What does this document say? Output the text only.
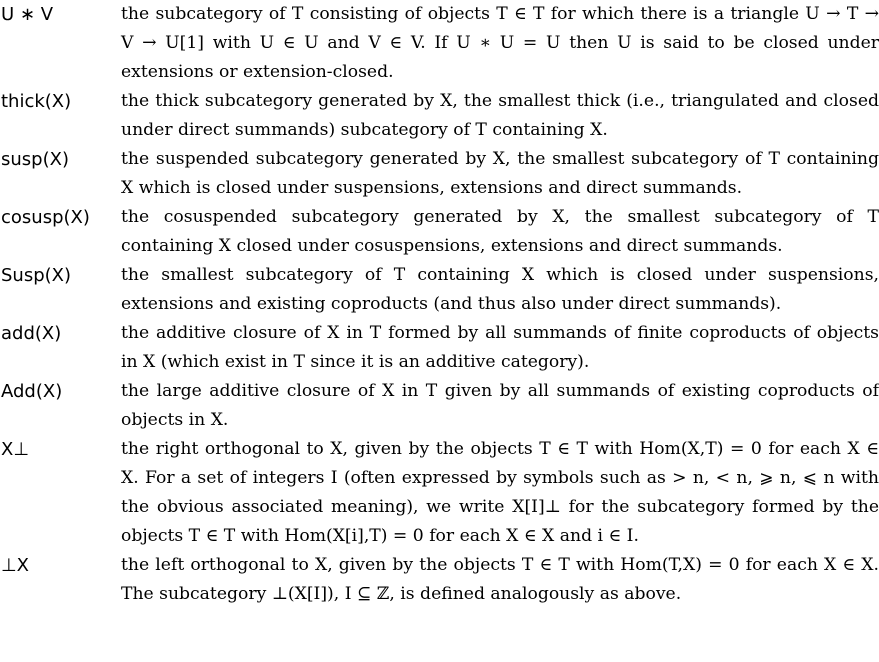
U ∗ V	the subcategory of T consisting of objects T ∈ T for which there is a triangle U → T → V → U[1] with U ∈ U and V ∈ V. If U ∗ U = U then U is said to be closed under extensions or extension-closed.
thick(X)	the thick subcategory generated by X, the smallest thick (i.e., triangulated and closed under direct summands) subcategory of T containing X.
susp(X)	the suspended subcategory generated by X, the smallest subcategory of T containing X which is closed under suspensions, extensions and direct summands.
cosusp(X)	the cosuspended subcategory generated by X, the smallest subcategory of T containing X closed under cosuspensions, extensions and direct summands.
Susp(X)	the smallest subcategory of T containing X which is closed under suspensions, extensions and existing coproducts (and thus also under direct summands).
add(X)	the additive closure of X in T formed by all summands of finite coproducts of objects in X (which exist in T since it is an additive category).
Add(X)	the large additive closure of X in T given by all summands of existing coproducts of objects in X.
X⊥	the right orthogonal to X, given by the objects T ∈ T with Hom(X,T) = 0 for each X ∈ X. For a set of integers I (often expressed by symbols such as > n, < n, ⩾ n, ⩽ n with the obvious associated meaning), we write X[I]⊥ for the subcategory formed by the objects T ∈ T with Hom(X[i],T) = 0 for each X ∈ X and i ∈ I.
⊥X	the left orthogonal to X, given by the objects T ∈ T with Hom(T,X) = 0 for each X ∈ X. The subcategory ⊥(X[I]), I ⊆ ℤ, is defined analogously as above.
